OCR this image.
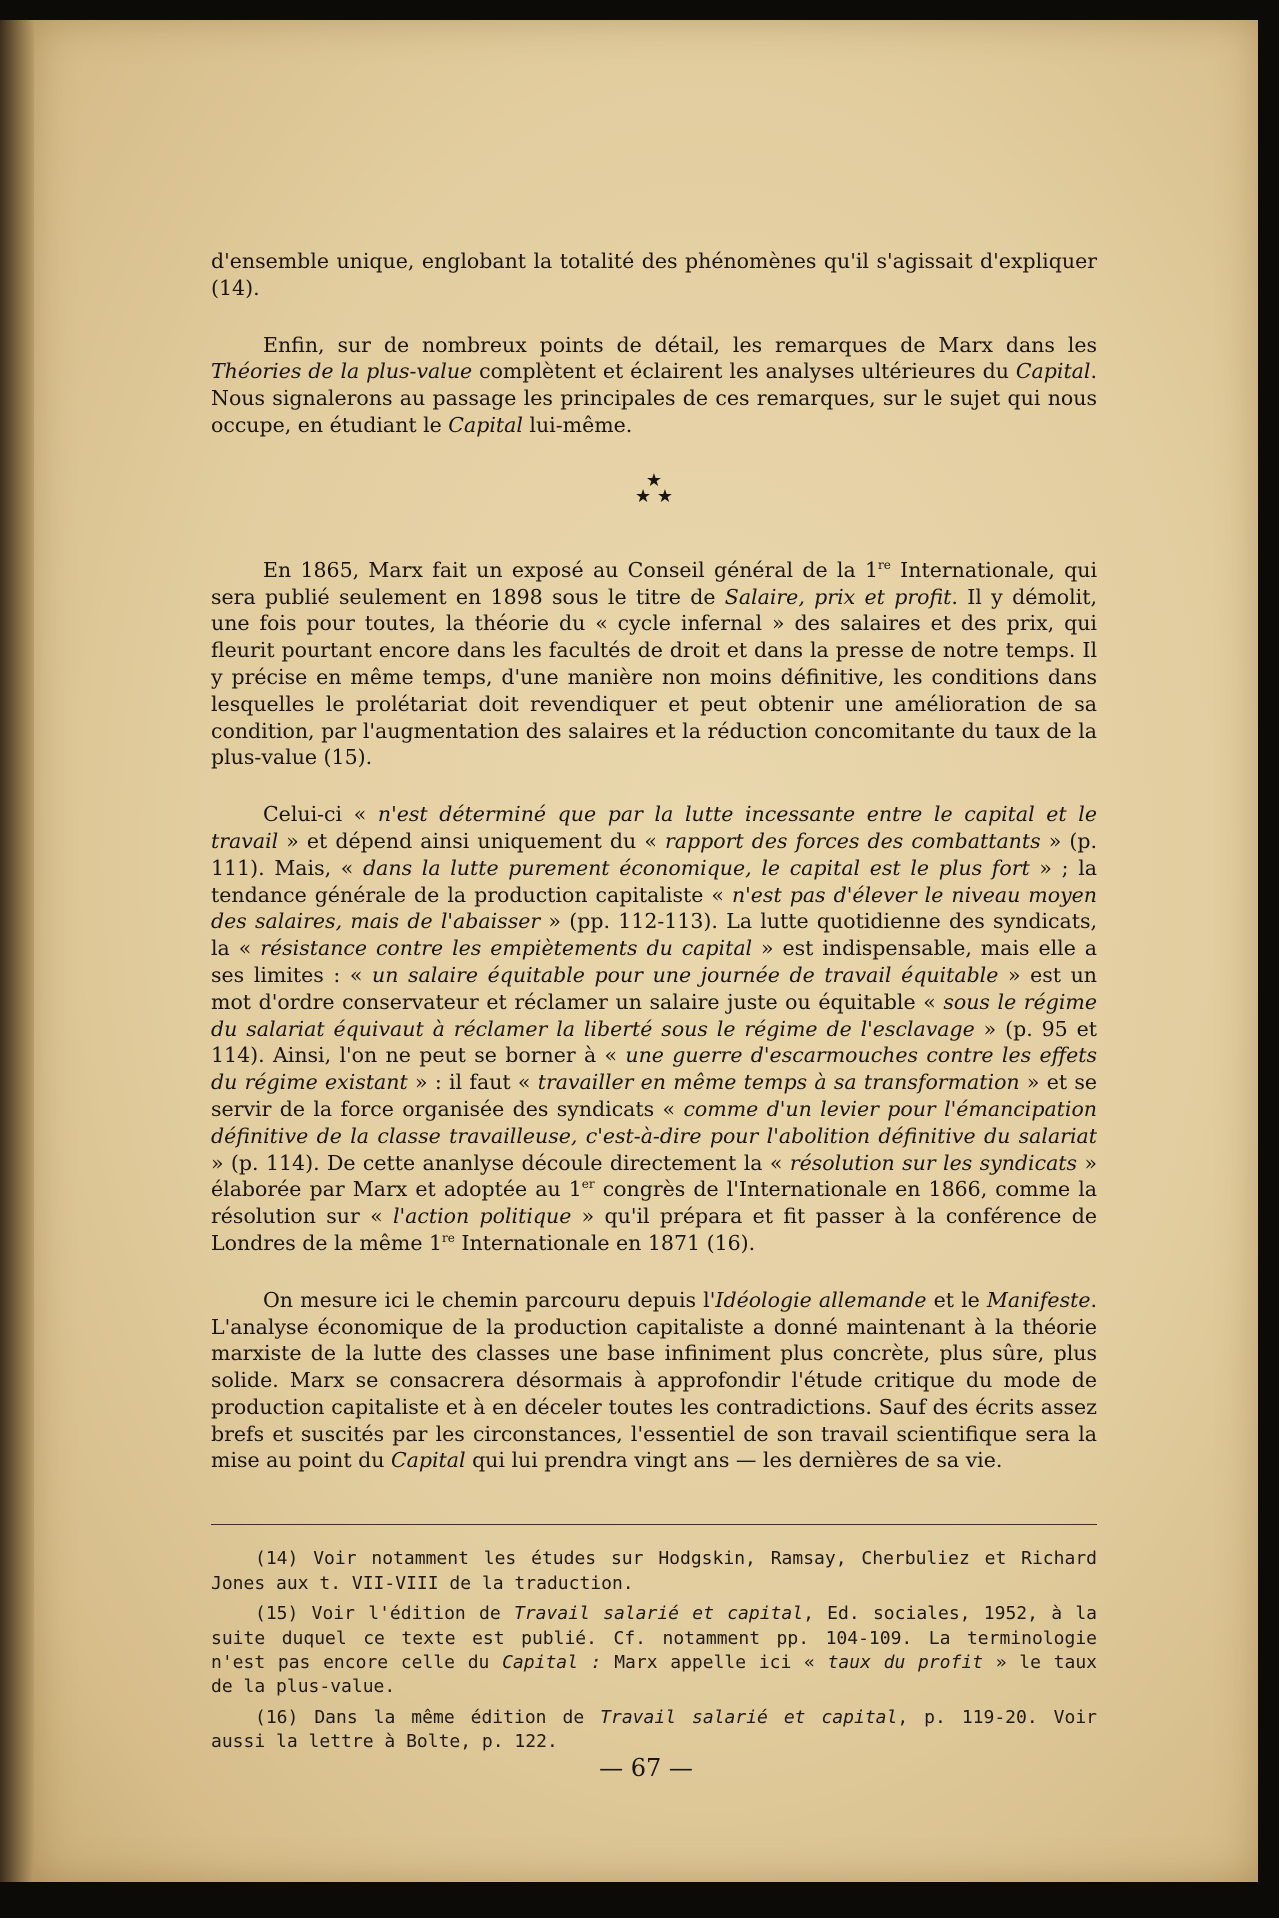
d'ensemble unique, englobant la totalité des phénomènes qu'il s'agissait d'expliquer (14).

Enfin, sur de nombreux points de détail, les remarques de Marx dans les Théories de la plus-value complètent et éclairent les analyses ultérieures du Capital. Nous signalerons au passage les principales de ces remarques, sur le sujet qui nous occupe, en étudiant le Capital lui-même.

★
★ ★

En 1865, Marx fait un exposé au Conseil général de la 1re Internationale, qui sera publié seulement en 1898 sous le titre de Salaire, prix et profit. Il y démolit, une fois pour toutes, la théorie du « cycle infernal » des salaires et des prix, qui fleurit pourtant encore dans les facultés de droit et dans la presse de notre temps. Il y précise en même temps, d'une manière non moins définitive, les conditions dans lesquelles le prolétariat doit revendiquer et peut obtenir une amélioration de sa condition, par l'augmentation des salaires et la réduction concomitante du taux de la plus-value (15).

Celui-ci « n'est déterminé que par la lutte incessante entre le capital et le travail » et dépend ainsi uniquement du « rapport des forces des combattants » (p. 111). Mais, « dans la lutte purement économique, le capital est le plus fort » ; la tendance générale de la production capitaliste « n'est pas d'élever le niveau moyen des salaires, mais de l'abaisser » (pp. 112-113). La lutte quotidienne des syndicats, la « résistance contre les empiètements du capital » est indispensable, mais elle a ses limites : « un salaire équitable pour une journée de travail équitable » est un mot d'ordre conservateur et réclamer un salaire juste ou équitable « sous le régime du salariat équivaut à réclamer la liberté sous le régime de l'esclavage » (p. 95 et 114). Ainsi, l'on ne peut se borner à « une guerre d'escarmouches contre les effets du régime existant » : il faut « travailler en même temps à sa transformation » et se servir de la force organisée des syndicats « comme d'un levier pour l'émancipation définitive de la classe travailleuse, c'est-à-dire pour l'abolition définitive du salariat » (p. 114). De cette ananlyse découle directement la « résolution sur les syndicats » élaborée par Marx et adoptée au 1er congrès de l'Internationale en 1866, comme la résolution sur « l'action politique » qu'il prépara et fit passer à la conférence de Londres de la même 1re Internationale en 1871 (16).

On mesure ici le chemin parcouru depuis l'Idéologie allemande et le Manifeste. L'analyse économique de la production capitaliste a donné maintenant à la théorie marxiste de la lutte des classes une base infiniment plus concrète, plus sûre, plus solide. Marx se consacrera désormais à approfondir l'étude critique du mode de production capitaliste et à en déceler toutes les contradictions. Sauf des écrits assez brefs et suscités par les circonstances, l'essentiel de son travail scientifique sera la mise au point du Capital qui lui prendra vingt ans — les dernières de sa vie.

(14) Voir notamment les études sur Hodgskin, Ramsay, Cherbuliez et Richard Jones aux t. VII-VIII de la traduction.

(15) Voir l'édition de Travail salarié et capital, Ed. sociales, 1952, à la suite duquel ce texte est publié. Cf. notamment pp. 104-109. La terminologie n'est pas encore celle du Capital : Marx appelle ici « taux du profit » le taux de la plus-value.

(16) Dans la même édition de Travail salarié et capital, p. 119-20. Voir aussi la lettre à Bolte, p. 122.

— 67 —
